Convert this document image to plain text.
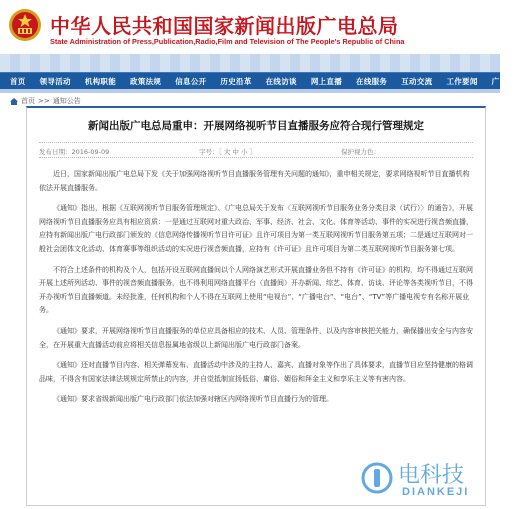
中华人民共和国国家新闻出版广电总局
State Administration of Press,Publication,Radio,Film and Television of The People's Republic of China
首页 领导活动 机构职能 政策法规 信息公开 历史沿革 在线访谈 网上直播 在线服务 互动交流 工作要闻 广电总局
首页 >> 通知公告
新闻出版广电总局重申：开展网络视听节目直播服务应符合现行管理规定
发布日期：2016-09-09	字号：［ 大 中 小 ］	保护视力色：

近日，国家新闻出版广电总局下发《关于加强网络视听节目直播服务管理有关问题的通知》，重申相关规定，要求网络视听节目直播机构依法开展直播服务。

《通知》指出，根据《互联网视听节目服务管理规定》、《广电总局关于发布〈互联网视听节目服务业务分类目录（试行）〉的通告》，开展网络视听节目直播服务应具有相应资质：一是通过互联网对重大政治、军事、经济、社会、文化、体育等活动、事件的实况进行视音频直播，应持有新闻出版广电行政部门颁发的《信息网络传播视听节目许可证》且许可项目为第一类互联网视听节目服务第五项；二是通过互联网对一般社会团体文化活动、体育赛事等组织活动的实况进行视音频直播，应持有《许可证》且许可项目为第二类互联网视听节目服务第七项。

不符合上述条件的机构及个人，包括开设互联网直播间以个人网络演艺形式开展直播业务但不持有《许可证》的机构，均不得通过互联网开展上述所列活动、事件的视音频直播服务，也不得利用网络直播平台（直播间）开办新闻、综艺、体育、访谈、评论等各类视听节目，不得开办视听节目直播频道。未经批准，任何机构和个人不得在互联网上使用“电视台”、“广播电台”、“电台”、“TV”等广播电视专有名称开展业务。

《通知》要求，开展网络视听节目直播服务的单位应具备相应的技术、人员、管理条件，以及内容审核把关能力，确保播出安全与内容安全，在开展重大直播活动前应将相关信息报属地省级以上新闻出版广电行政部门备案。

《通知》还对直播节目内容、相关弹幕发布、直播活动中涉及的主持人、嘉宾、直播对象等作出了具体要求，直播节目应坚持健康的格调品味，不得含有国家法律法规规定所禁止的内容，并自觉抵制宣扬低俗、庸俗、媚俗和拜金主义和享乐主义等有害内容。

《通知》要求省级新闻出版广电行政部门依法加强对辖区内网络视听节目直播行为的管理。

电科技
DIANKEJI
